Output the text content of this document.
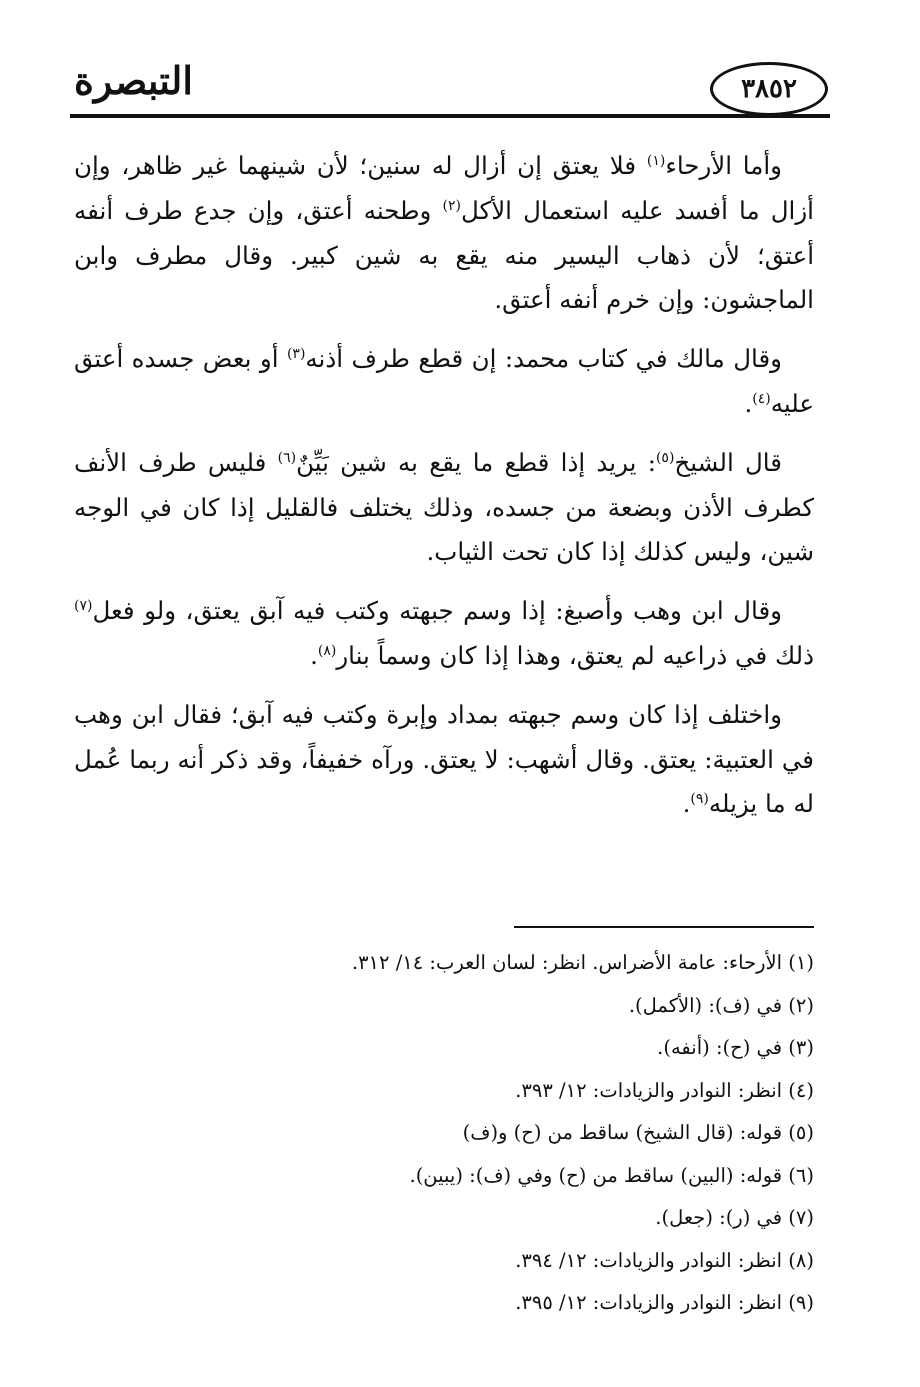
التبصرة	٣٨٥٢

وأما الأرحاء$^{(١)}$ فلا يعتق إن أزال له سنين؛ لأن شينهما غير ظاهر، وإن أزال ما أفسد عليه استعمال الأكل$^{(٢)}$ وطحنه أعتق، وإن جدع طرف أنفه أعتق؛ لأن ذهاب اليسير منه يقع به شين كبير. وقال مطرف وابن الماجشون: وإن خرم أنفه أعتق.

وقال مالك في كتاب محمد: إن قطع طرف أذنه$^{(٣)}$ أو بعض جسده أعتق عليه$^{(٤)}$.

قال الشيخ$^{(٥)}$: يريد إذا قطع ما يقع به شين بَيِّنٌ$^{(٦)}$ فليس طرف الأنف كطرف الأذن وبضعة من جسده، وذلك يختلف فالقليل إذا كان في الوجه شين، وليس كذلك إذا كان تحت الثياب.

وقال ابن وهب وأصبغ: إذا وسم جبهته وكتب فيه آبق يعتق، ولو فعل$^{(٧)}$ ذلك في ذراعيه لم يعتق، وهذا إذا كان وسماً بنار$^{(٨)}$.

واختلف إذا كان وسم جبهته بمداد وإبرة وكتب فيه آبق؛ فقال ابن وهب في العتبية: يعتق. وقال أشهب: لا يعتق. ورآه خفيفاً، وقد ذكر أنه ربما عُمل له ما يزيله$^{(٩)}$.

(١) الأرحاء: عامة الأضراس. انظر: لسان العرب: ١٤/ ٣١٢.
(٢) في (ف): (الأكمل).
(٣) في (ح): (أنفه).
(٤) انظر: النوادر والزيادات: ١٢/ ٣٩٣.
(٥) قوله: (قال الشيخ) ساقط من (ح) و(ف)
(٦) قوله: (البين) ساقط من (ح) وفي (ف): (يبين).
(٧) في (ر): (جعل).
(٨) انظر: النوادر والزيادات: ١٢/ ٣٩٤.
(٩) انظر: النوادر والزيادات: ١٢/ ٣٩٥.
